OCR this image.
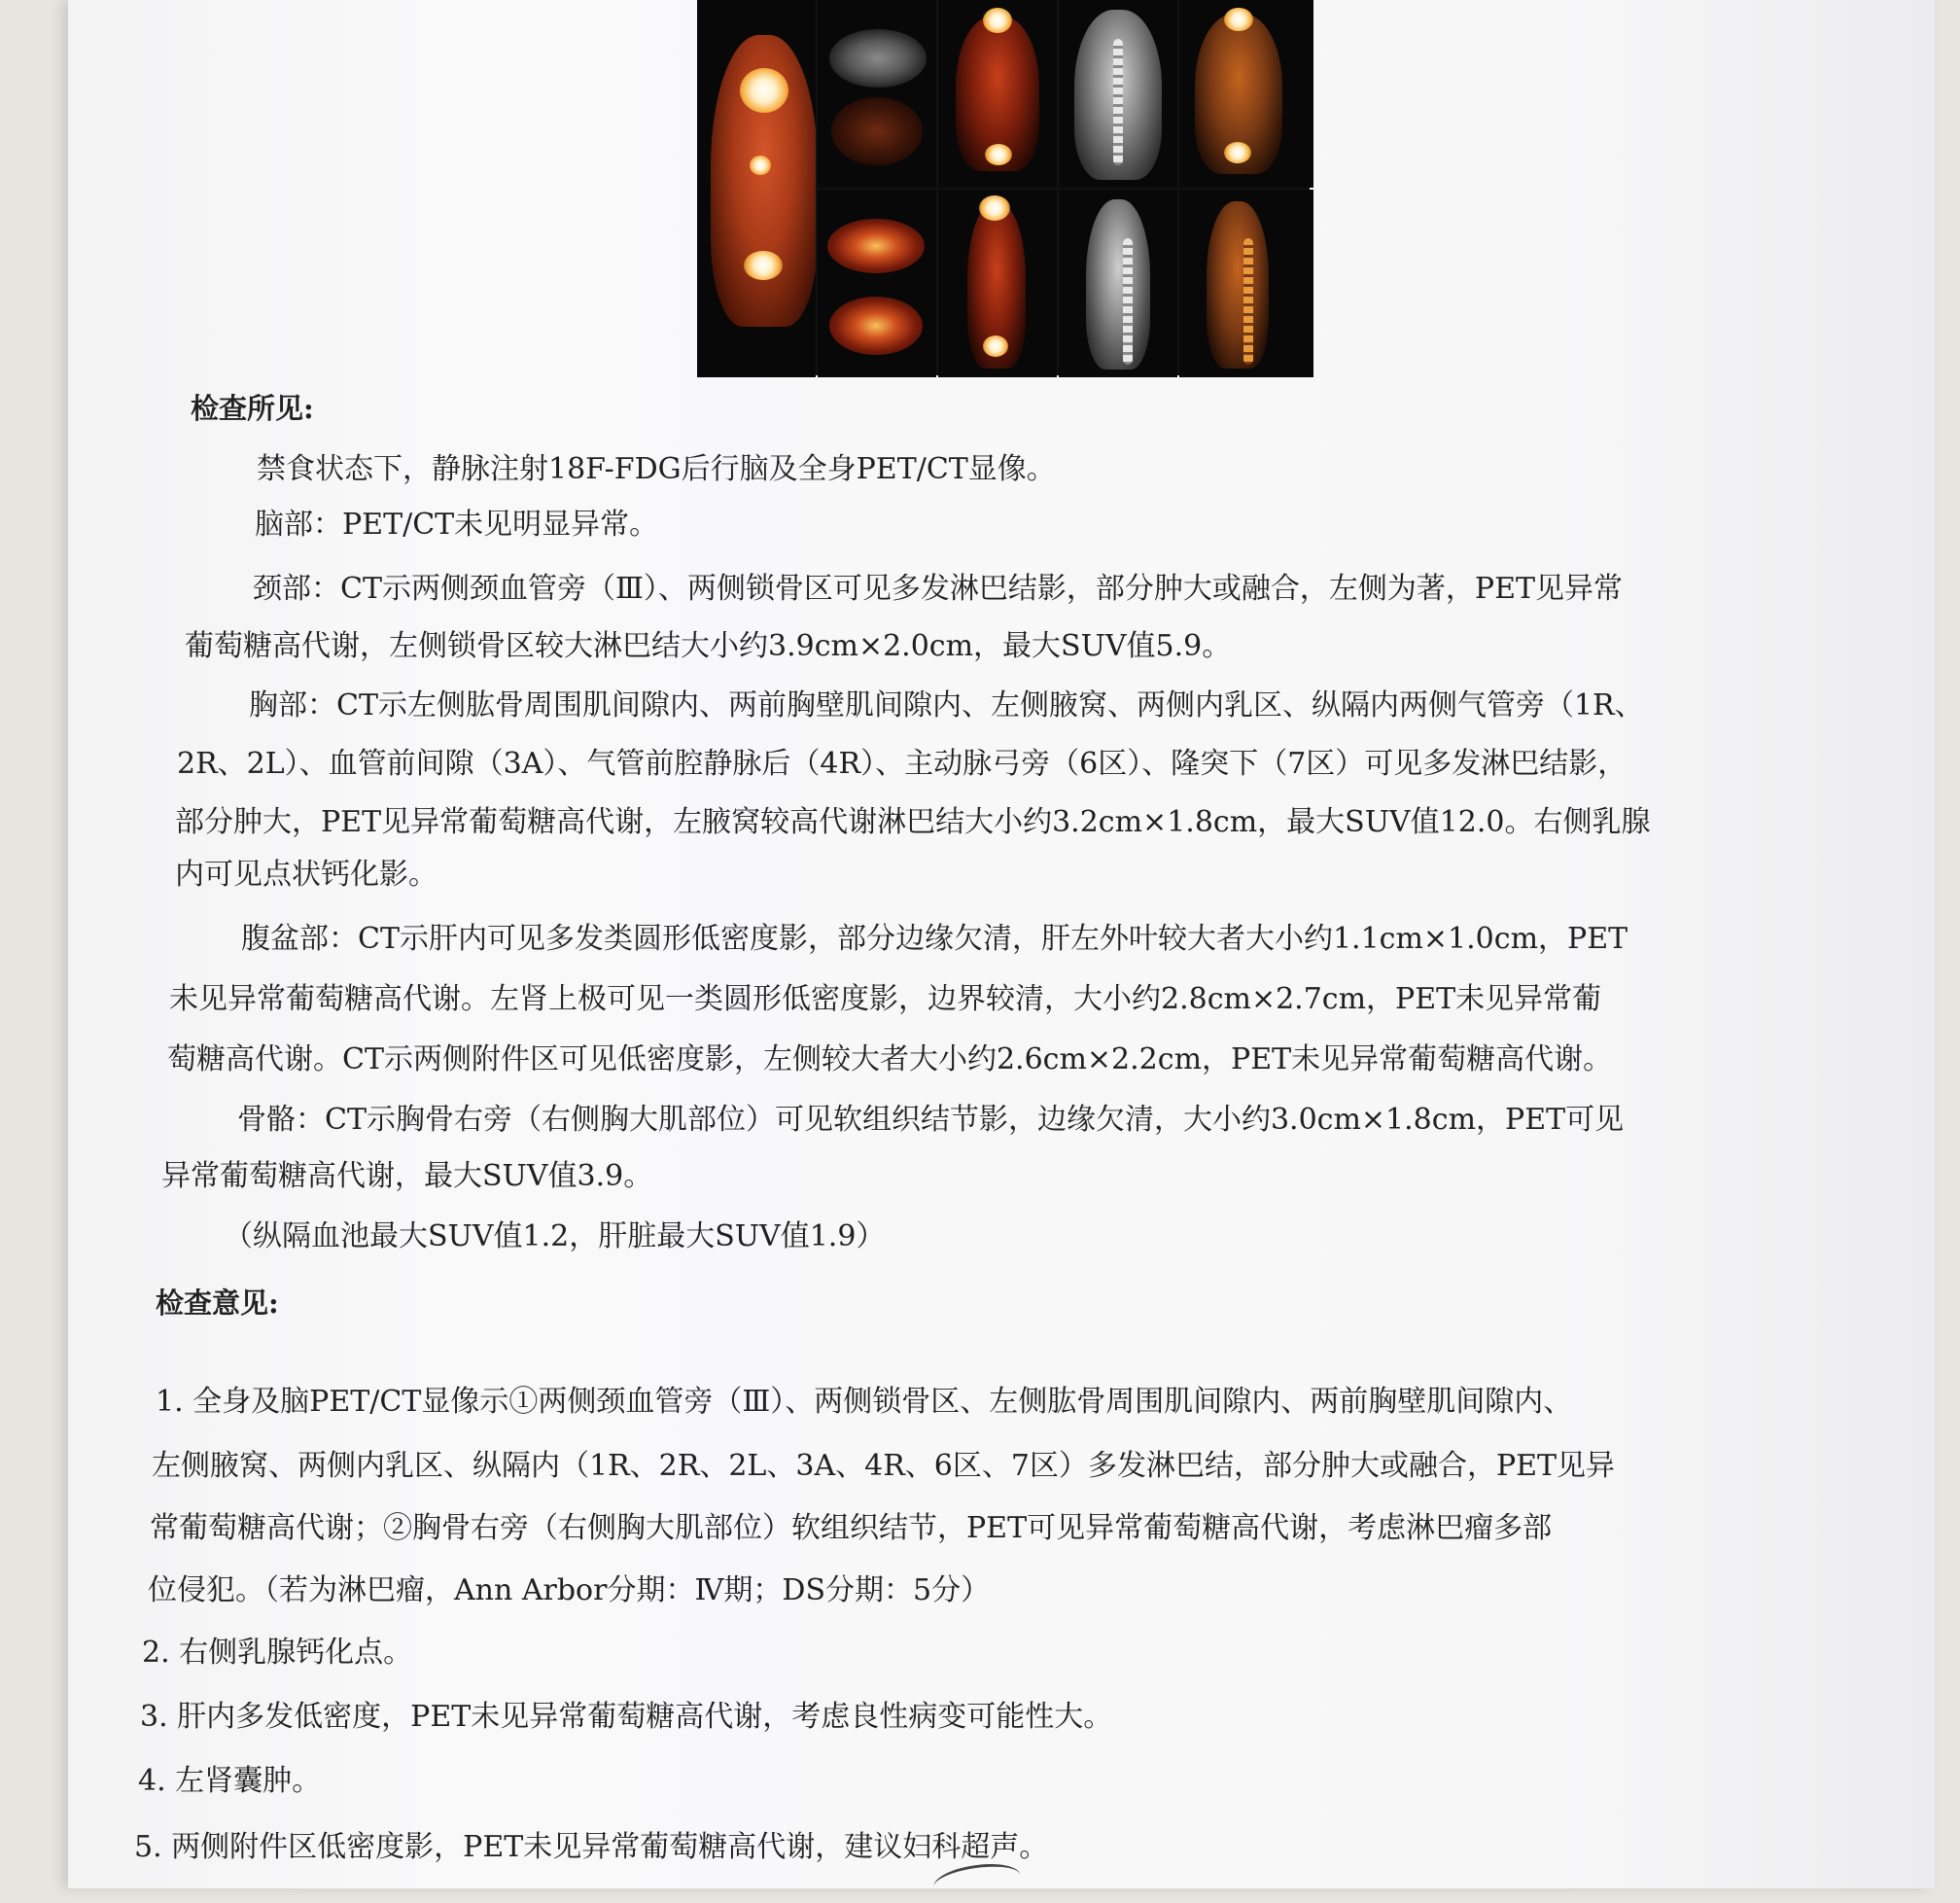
检查所见:
禁食状态下，静脉注射18F-FDG后行脑及全身PET/CT显像。
脑部：PET/CT未见明显异常。
颈部：CT示两侧颈血管旁（Ⅲ）、两侧锁骨区可见多发淋巴结影，部分肿大或融合，左侧为著，PET见异常
葡萄糖高代谢，左侧锁骨区较大淋巴结大小约3.9cm×2.0cm，最大SUV值5.9。
胸部：CT示左侧肱骨周围肌间隙内、两前胸壁肌间隙内、左侧腋窝、两侧内乳区、纵隔内两侧气管旁（1R、
2R、2L）、血管前间隙（3A）、气管前腔静脉后（4R）、主动脉弓旁（6区）、隆突下（7区）可见多发淋巴结影，
部分肿大，PET见异常葡萄糖高代谢，左腋窝较高代谢淋巴结大小约3.2cm×1.8cm，最大SUV值12.0。右侧乳腺
内可见点状钙化影。
腹盆部：CT示肝内可见多发类圆形低密度影，部分边缘欠清，肝左外叶较大者大小约1.1cm×1.0cm，PET
未见异常葡萄糖高代谢。左肾上极可见一类圆形低密度影，边界较清，大小约2.8cm×2.7cm，PET未见异常葡
萄糖高代谢。CT示两侧附件区可见低密度影，左侧较大者大小约2.6cm×2.2cm，PET未见异常葡萄糖高代谢。
骨骼：CT示胸骨右旁（右侧胸大肌部位）可见软组织结节影，边缘欠清，大小约3.0cm×1.8cm，PET可见
异常葡萄糖高代谢，最大SUV值3.9。
（纵隔血池最大SUV值1.2，肝脏最大SUV值1.9）
检查意见:
1. 全身及脑PET/CT显像示①两侧颈血管旁（Ⅲ）、两侧锁骨区、左侧肱骨周围肌间隙内、两前胸壁肌间隙内、
左侧腋窝、两侧内乳区、纵隔内（1R、2R、2L、3A、4R、6区、7区）多发淋巴结，部分肿大或融合，PET见异
常葡萄糖高代谢；②胸骨右旁（右侧胸大肌部位）软组织结节，PET可见异常葡萄糖高代谢，考虑淋巴瘤多部
位侵犯。（若为淋巴瘤，Ann Arbor分期：Ⅳ期；DS分期：5分）
2. 右侧乳腺钙化点。
3. 肝内多发低密度，PET未见异常葡萄糖高代谢，考虑良性病变可能性大。
4. 左肾囊肿。
5. 两侧附件区低密度影，PET未见异常葡萄糖高代谢，建议妇科超声。
